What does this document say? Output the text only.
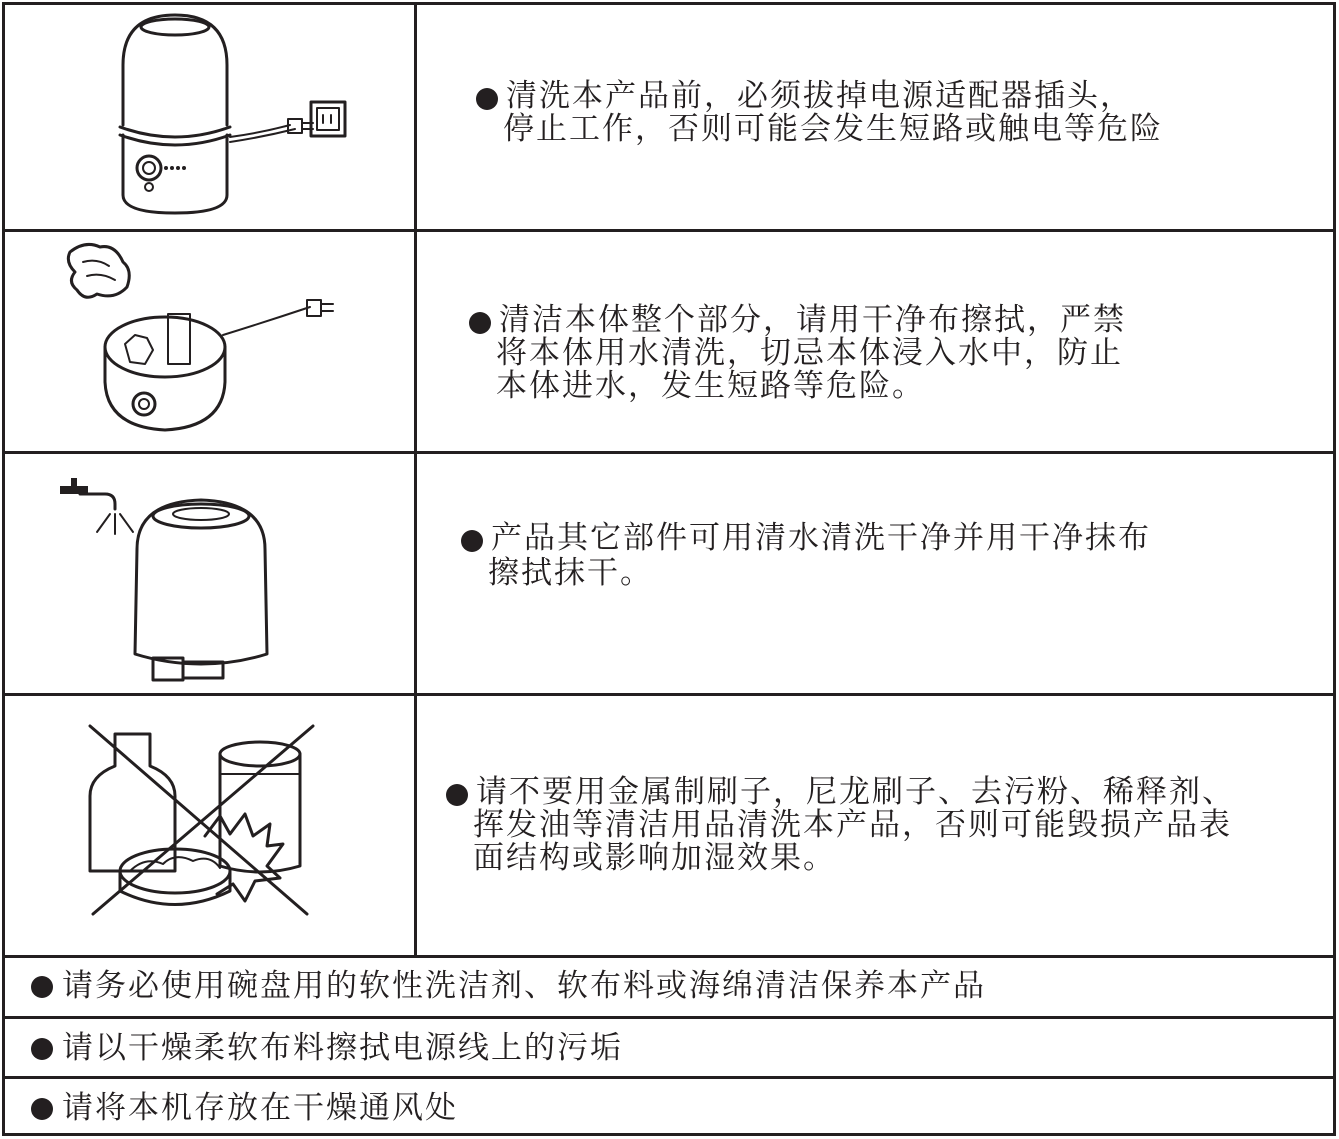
清洗本产品前，必须拔掉电源适配器插头，
停止工作，否则可能会发生短路或触电等危险
清洁本体整个部分，请用干净布擦拭，严禁
将本体用水清洗，切忌本体浸入水中，防止
本体进水，发生短路等危险。
产品其它部件可用清水清洗干净并用干净抹布
擦拭抹干。
请不要用金属制刷子，尼龙刷子、去污粉、稀释剂、
挥发油等清洁用品清洗本产品，否则可能毁损产品表
面结构或影响加湿效果。
请务必使用碗盘用的软性洗洁剂、软布料或海绵清洁保养本产品
请以干燥柔软布料擦拭电源线上的污垢
请将本机存放在干燥通风处
